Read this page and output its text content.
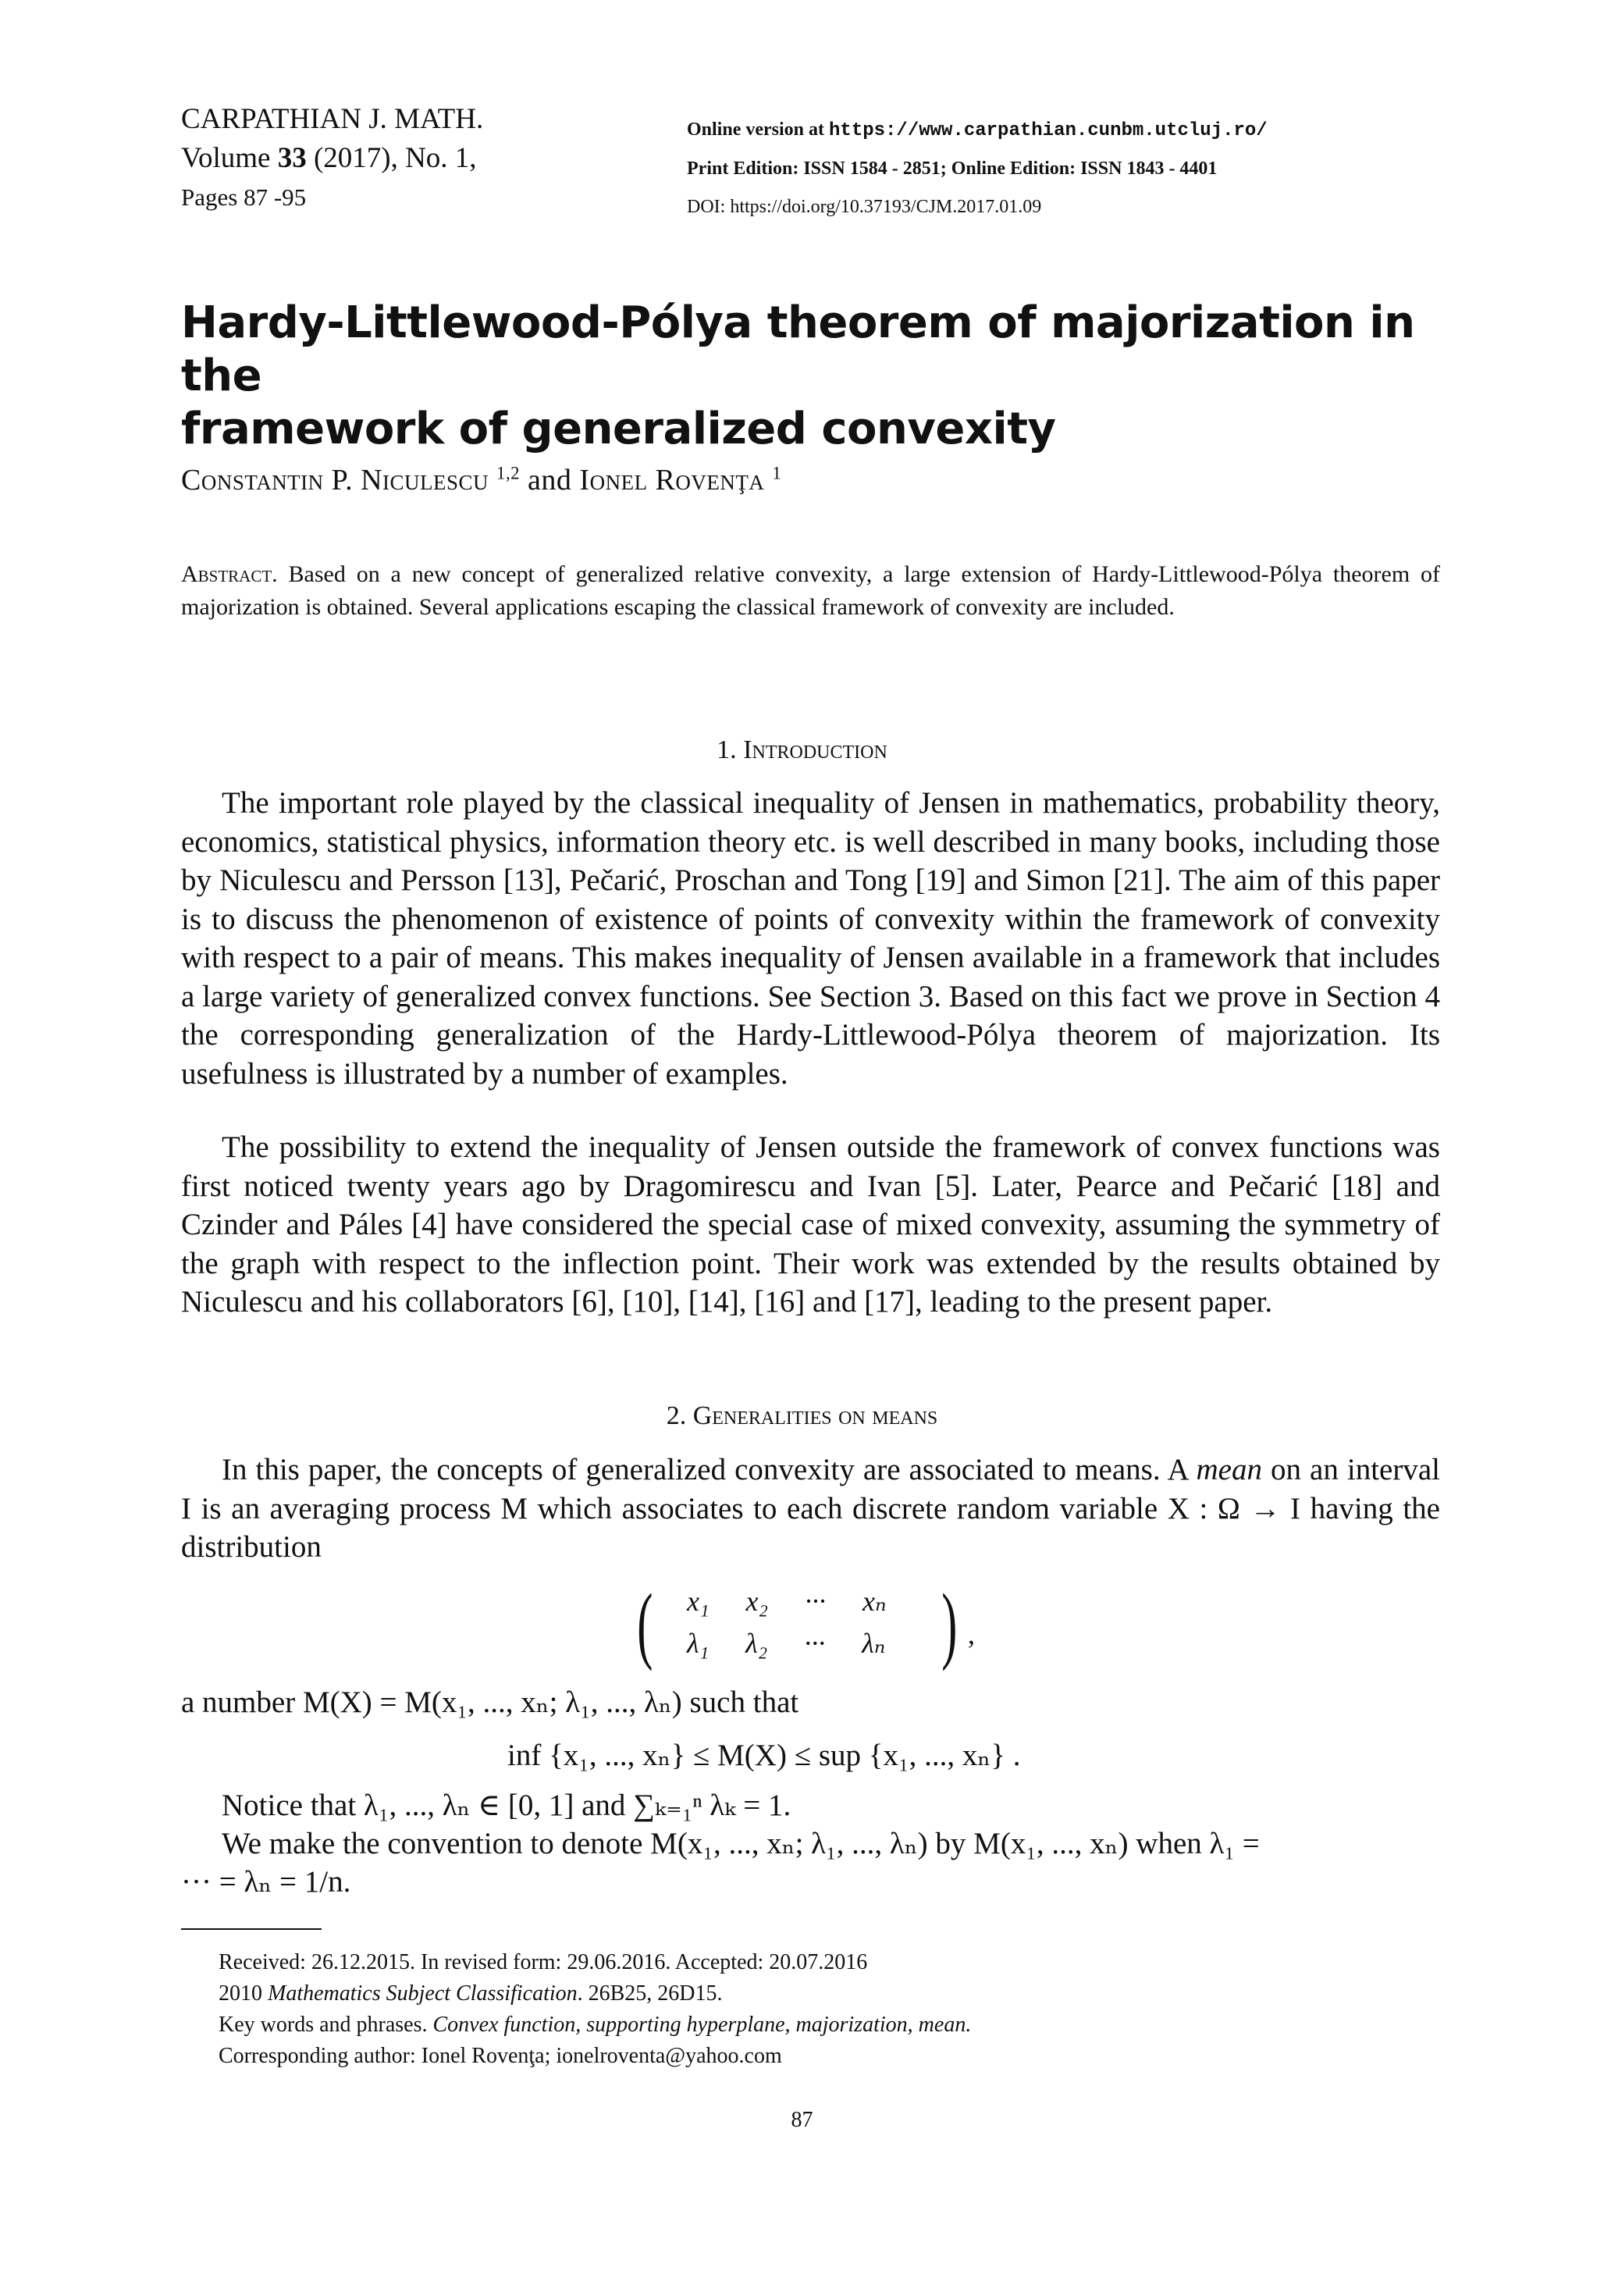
CARPATHIAN J. MATH.
Volume 33 (2017), No. 1,
Pages 87 -95
Online version at https://www.carpathian.cunbm.utcluj.ro/
Print Edition: ISSN 1584 - 2851; Online Edition: ISSN 1843 - 4401
DOI: https://doi.org/10.37193/CJM.2017.01.09
Hardy-Littlewood-Pólya theorem of majorization in the
framework of generalized convexity
Constantin P. Niculescu $^{1,2}$ and Ionel Rovenţa $^1$
Abstract. Based on a new concept of generalized relative convexity, a large extension of Hardy-Littlewood-Pólya theorem of majorization is obtained. Several applications escaping the classical framework of convexity are included.
1. Introduction
The important role played by the classical inequality of Jensen in mathematics, probability theory, economics, statistical physics, information theory etc. is well described in many books, including those by Niculescu and Persson [13], Pečarić, Proschan and Tong [19] and Simon [21]. The aim of this paper is to discuss the phenomenon of existence of points of convexity within the framework of convexity with respect to a pair of means. This makes inequality of Jensen available in a framework that includes a large variety of generalized convex functions. See Section 3. Based on this fact we prove in Section 4 the corresponding generalization of the Hardy-Littlewood-Pólya theorem of majorization. Its usefulness is illustrated by a number of examples.
The possibility to extend the inequality of Jensen outside the framework of convex functions was first noticed twenty years ago by Dragomirescu and Ivan [5]. Later, Pearce and Pečarić [18] and Czinder and Páles [4] have considered the special case of mixed convexity, assuming the symmetry of the graph with respect to the inflection point. Their work was extended by the results obtained by Niculescu and his collaborators [6], [10], [14], [16] and [17], leading to the present paper.
2. Generalities on means
In this paper, the concepts of generalized convexity are associated to means. A mean on an interval I is an averaging process M which associates to each discrete random variable X : Ω → I having the distribution
( x₁ x₂ ··· xₙ
λ₁ λ₂ ··· λₙ ) ,
a number M(X) = M(x₁, ..., xₙ; λ₁, ..., λₙ) such that
inf {x₁, ..., xₙ} ≤ M(X) ≤ sup {x₁, ..., xₙ} .
Notice that λ₁, ..., λₙ ∈ [0, 1] and ∑ₖ₌₁ⁿ λₖ = 1.
We make the convention to denote M(x₁, ..., xₙ; λ₁, ..., λₙ) by M(x₁, ..., xₙ) when λ₁ =
··· = λₙ = 1/n.
Received: 26.12.2015. In revised form: 29.06.2016. Accepted: 20.07.2016
2010 Mathematics Subject Classification. 26B25, 26D15.
Key words and phrases. Convex function, supporting hyperplane, majorization, mean.
Corresponding author: Ionel Rovenţa; ionelroventa@yahoo.com
87
